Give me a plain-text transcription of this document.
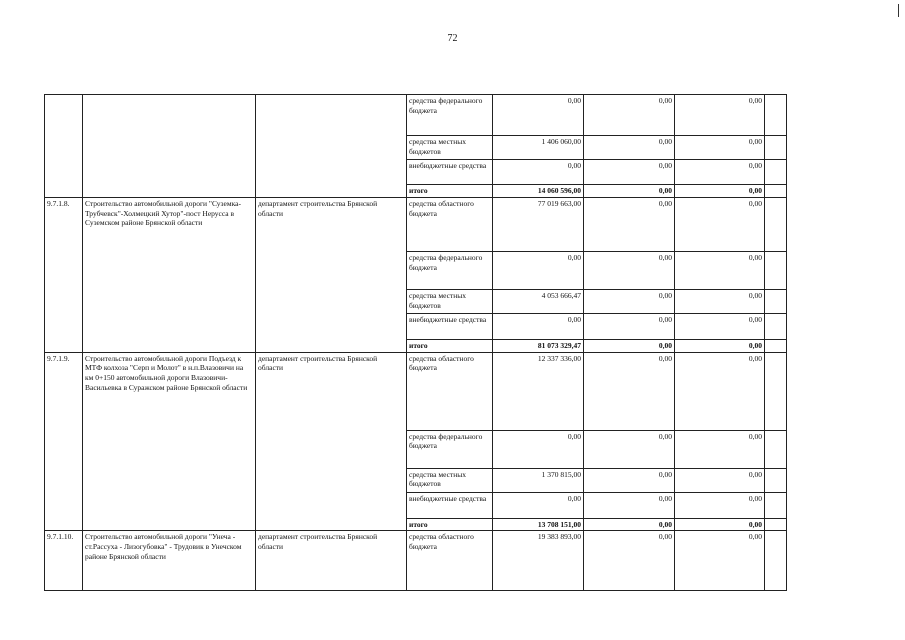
72
			средства федерального бюджета	0,00	0,00	0,00	
			средства местных бюджетов	1 406 060,00	0,00	0,00	
			внебюджетные средства	0,00	0,00	0,00	
			итого	14 060 596,00	0,00	0,00	
9.7.1.8.	Строительство автомобильной дороги "Суземка-Трубчевск"-Холмецкий Хутор"-пост Нерусса в Суземском районе Брянской области	департамент строительства Брянской области	средства областного бюджета	77 019 663,00	0,00	0,00	
			средства федерального бюджета	0,00	0,00	0,00	
			средства местных бюджетов	4 053 666,47	0,00	0,00	
			внебюджетные средства	0,00	0,00	0,00	
			итого	81 073 329,47	0,00	0,00	
9.7.1.9.	Строительство автомобильной дороги Подъезд к МТФ колхоза "Серп и Молот" в н.п.Влазовичи на км 0+150 автомобильной дороги Влазовичи-Васильевка в Суражском районе Брянской области	департамент строительства Брянской области	средства областного бюджета	12 337 336,00	0,00	0,00	
			средства федерального бюджета	0,00	0,00	0,00	
			средства местных бюджетов	1 370 815,00	0,00	0,00	
			внебюджетные средства	0,00	0,00	0,00	
			итого	13 708 151,00	0,00	0,00	
9.7.1.10.	Строительство автомобильной дороги "Унеча - ст.Рассуха - Лизогубовка" - Трудовик в Унечском районе Брянской области	департамент строительства Брянской области	средства областного бюджета	19 383 893,00	0,00	0,00	
